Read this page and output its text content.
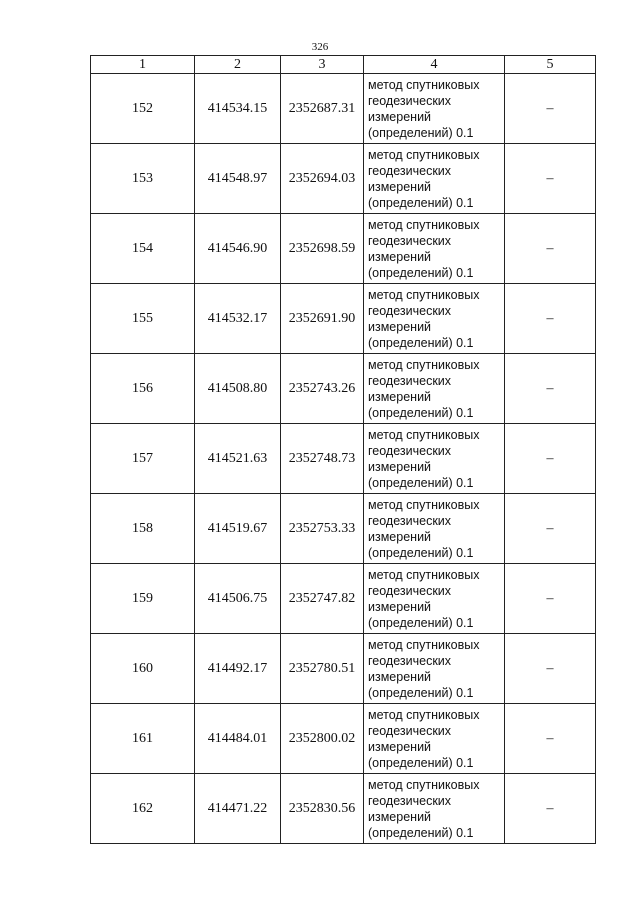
326
1	2	3	4	5
152	414534.15	2352687.31	метод спутниковых
геодезических
измерений
(определений) 0.1	–
153	414548.97	2352694.03	метод спутниковых
геодезических
измерений
(определений) 0.1	–
154	414546.90	2352698.59	метод спутниковых
геодезических
измерений
(определений) 0.1	–
155	414532.17	2352691.90	метод спутниковых
геодезических
измерений
(определений) 0.1	–
156	414508.80	2352743.26	метод спутниковых
геодезических
измерений
(определений) 0.1	–
157	414521.63	2352748.73	метод спутниковых
геодезических
измерений
(определений) 0.1	–
158	414519.67	2352753.33	метод спутниковых
геодезических
измерений
(определений) 0.1	–
159	414506.75	2352747.82	метод спутниковых
геодезических
измерений
(определений) 0.1	–
160	414492.17	2352780.51	метод спутниковых
геодезических
измерений
(определений) 0.1	–
161	414484.01	2352800.02	метод спутниковых
геодезических
измерений
(определений) 0.1	–
162	414471.22	2352830.56	метод спутниковых
геодезических
измерений
(определений) 0.1	–
